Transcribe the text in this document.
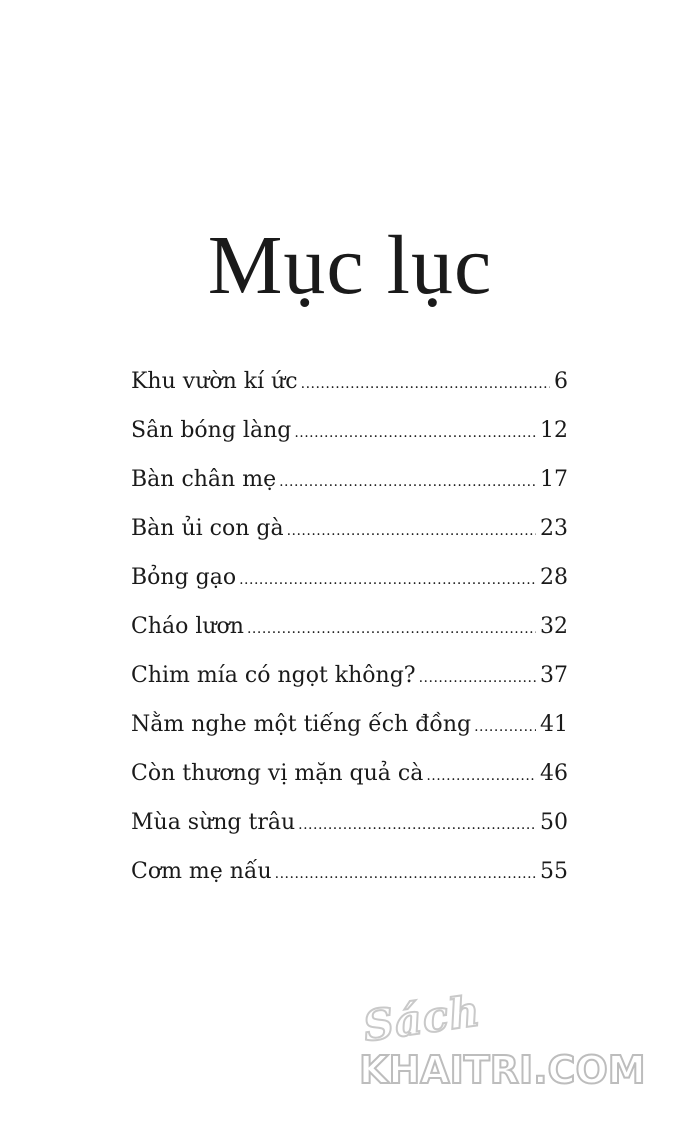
Mục lục
Khu vườn kí ức .....	6
Sân bóng làng .....	12
Bàn chân mẹ .....	17
Bàn ủi con gà .....	23
Bỏng gạo .....	28
Cháo lươn .....	32
Chim mía có ngọt không? .....	37
Nằm nghe một tiếng ếch đồng .....	41
Còn thương vị mặn quả cà .....	46
Mùa sừng trâu .....	50
Cơm mẹ nấu .....	55
Sách
KHAITRI.COM
